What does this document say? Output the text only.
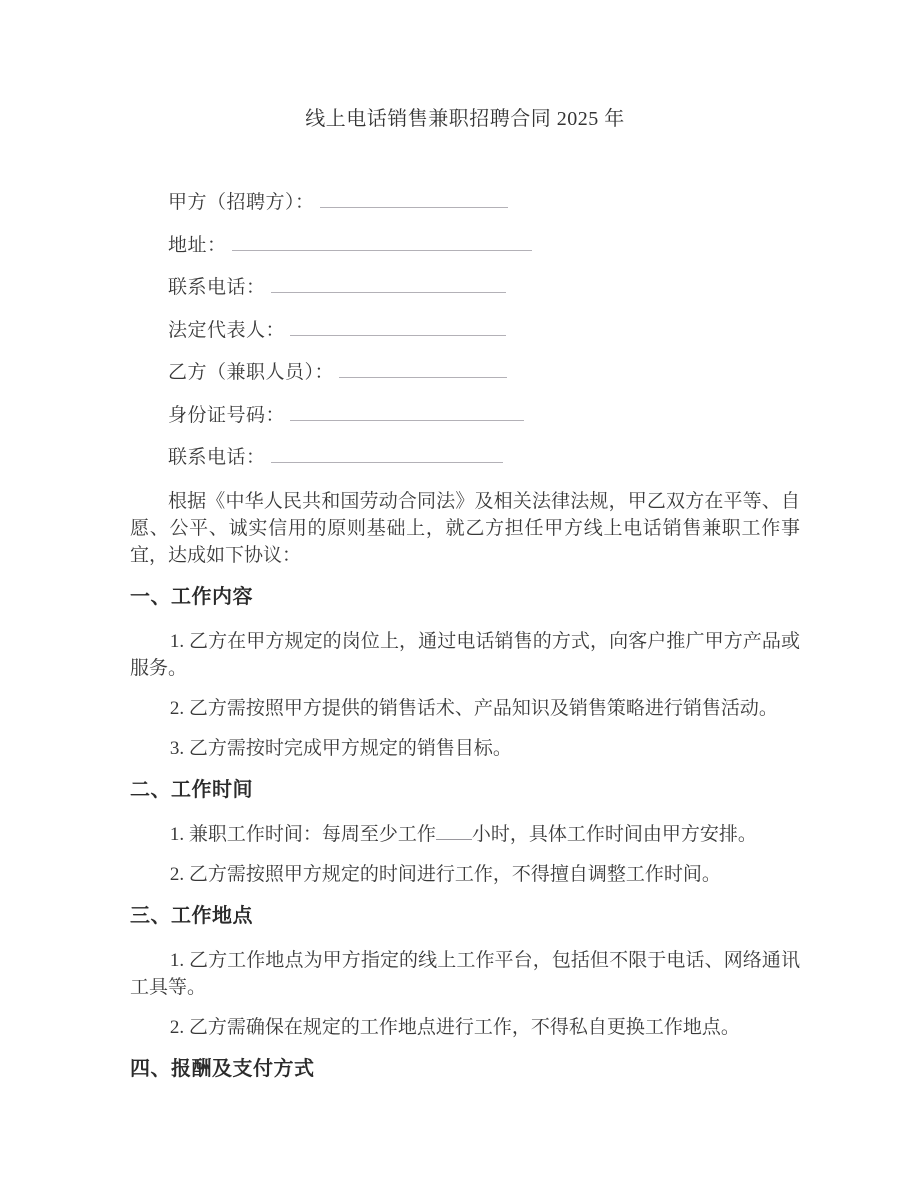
线上电话销售兼职招聘合同 2025 年
甲方（招聘方）：
地址：
联系电话：
法定代表人：
乙方（兼职人员）：
身份证号码：
联系电话：

根据《中华人民共和国劳动合同法》及相关法律法规，甲乙双方在平等、自愿、公平、诚实信用的原则基础上，就乙方担任甲方线上电话销售兼职工作事宜，达成如下协议：

一、工作内容

1. 乙方在甲方规定的岗位上，通过电话销售的方式，向客户推广甲方产品或服务。

2. 乙方需按照甲方提供的销售话术、产品知识及销售策略进行销售活动。

3. 乙方需按时完成甲方规定的销售目标。

二、工作时间

1. 兼职工作时间：每周至少工作 小时，具体工作时间由甲方安排。

2. 乙方需按照甲方规定的时间进行工作，不得擅自调整工作时间。

三、工作地点

1. 乙方工作地点为甲方指定的线上工作平台，包括但不限于电话、网络通讯工具等。

2. 乙方需确保在规定的工作地点进行工作，不得私自更换工作地点。

四、报酬及支付方式
